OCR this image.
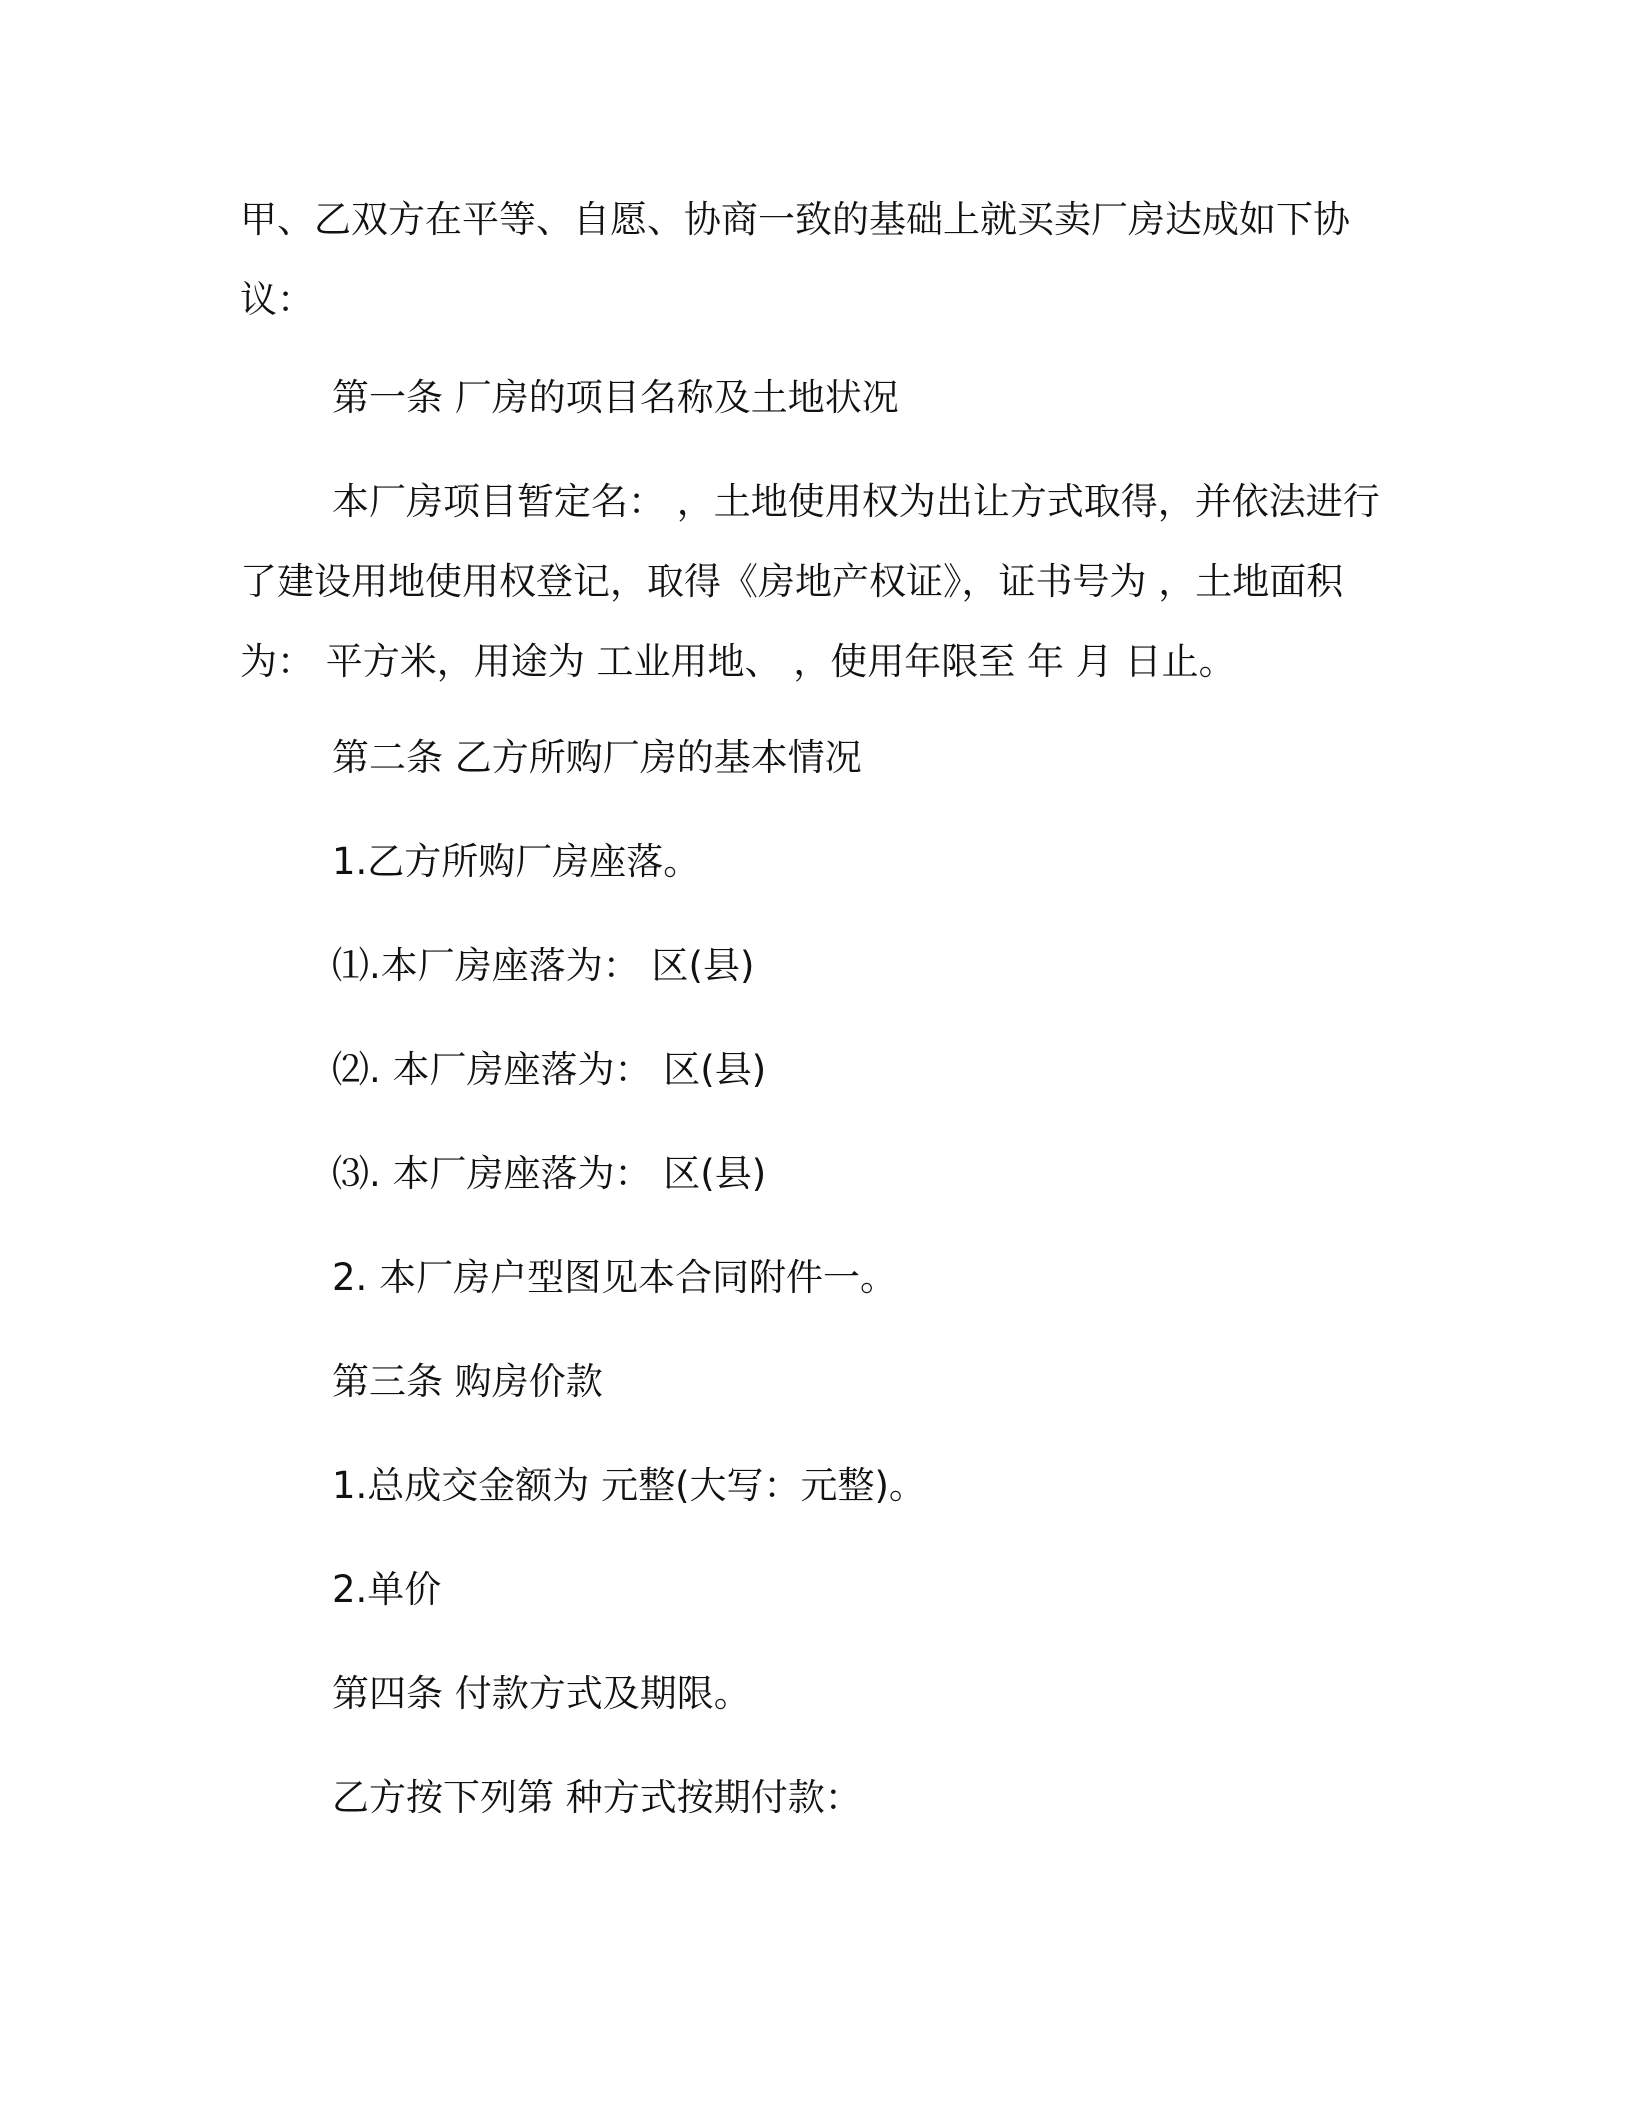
甲、乙双方在平等、自愿、协商一致的基础上就买卖厂房达成如下协议：

第一条 厂房的项目名称及土地状况

本厂房项目暂定名： ，土地使用权为出让方式取得，并依法进行了建设用地使用权登记，取得《房地产权证》，证书号为 ，土地面积为： 平方米，用途为 工业用地、 ，使用年限至 年 月 日止。

第二条 乙方所购厂房的基本情况

1.乙方所购厂房座落。

⑴.本厂房座落为： 区(县)

⑵. 本厂房座落为： 区(县)

⑶. 本厂房座落为： 区(县)

2. 本厂房户型图见本合同附件一。

第三条 购房价款

1.总成交金额为 元整(大写：元整)。

2.单价

第四条 付款方式及期限。

乙方按下列第 种方式按期付款：
